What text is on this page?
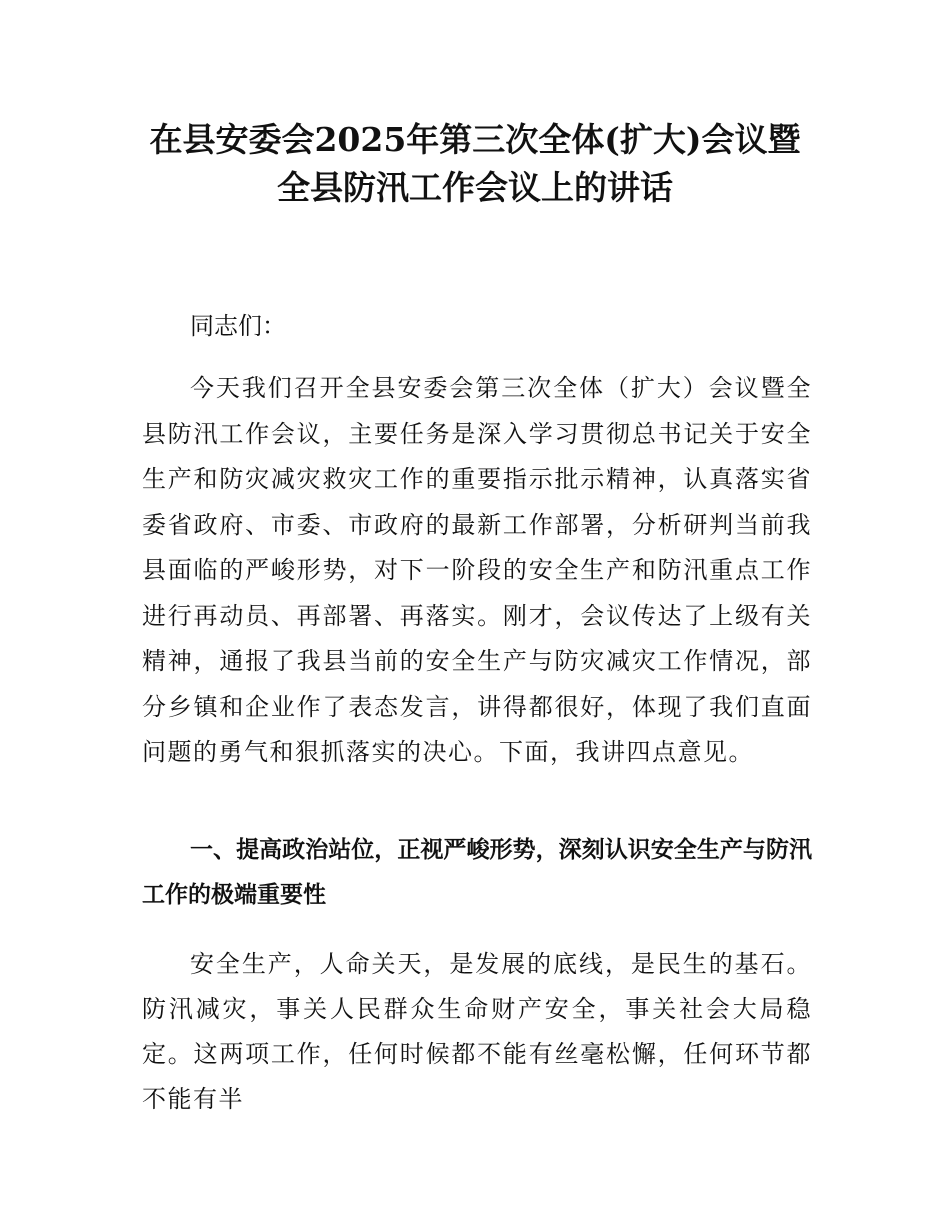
在县安委会2025年第三次全体(扩大)会议暨
全县防汛工作会议上的讲话

同志们：

今天我们召开全县安委会第三次全体（扩大）会议暨全县防汛工作会议，主要任务是深入学习贯彻总书记关于安全生产和防灾减灾救灾工作的重要指示批示精神，认真落实省委省政府、市委、市政府的最新工作部署，分析研判当前我县面临的严峻形势，对下一阶段的安全生产和防汛重点工作进行再动员、再部署、再落实。刚才，会议传达了上级有关精神，通报了我县当前的安全生产与防灾减灾工作情况，部分乡镇和企业作了表态发言，讲得都很好，体现了我们直面问题的勇气和狠抓落实的决心。下面，我讲四点意见。

一、提高政治站位，正视严峻形势，深刻认识安全生产与防汛工作的极端重要性

安全生产，人命关天，是发展的底线，是民生的基石。防汛减灾，事关人民群众生命财产安全，事关社会大局稳定。这两项工作，任何时候都不能有丝毫松懈，任何环节都不能有半
